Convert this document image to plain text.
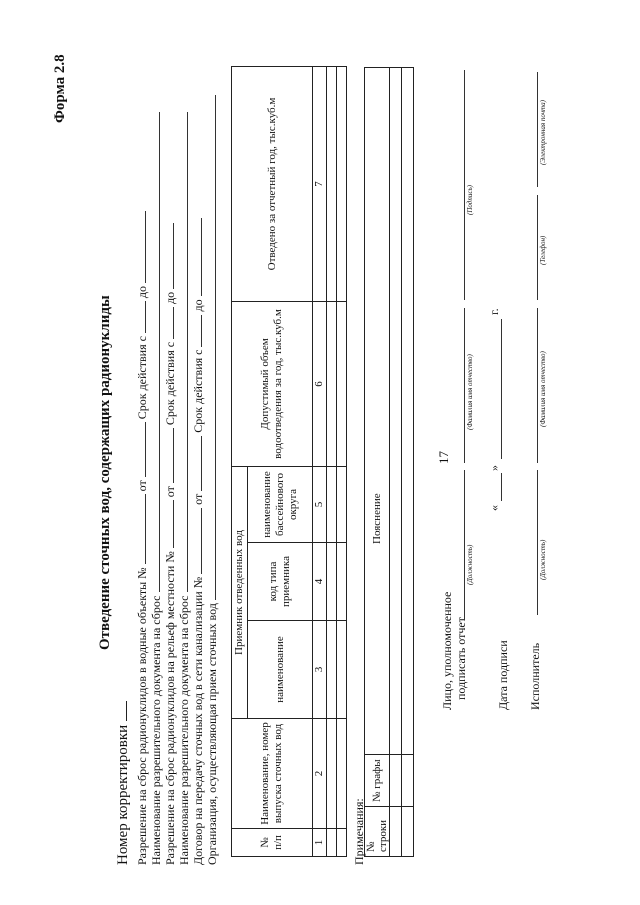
17
Форма 2.8
Отведение сточных вод, содержащих радионуклиды
Номер корректировки Разрешение на сброс радионуклидов в водные объекты №  от  Срок действия с  до
Наименование разрешительного документа на сброс Разрешение на сброс радионуклидов на рельеф местности №  от  Срок действия с  до
Наименование разрешительного документа на сброс Договор на передачу сточных вод в сети канализации №  от  Срок действия с  до
Организация, осуществляющая прием сточных вод	№ п/п	Наименование, номер выпуска сточных вод	Приемник отведенных вод			Допустимый объем водоотведения за год, тыс.куб.м	Отведено за отчетный год, тыс.куб.м
		наименование	код типа приемника	наименование бассейнового округа		
1	2	3	4	5	6	7

Примечания: № строки	№ графы	Пояснение

Лицо, уполномоченное подписать отчет
(Должность)
(Фамилия имя отчество)
(Подпись)
Дата подписи
«
»
г.
Исполнитель
(Должность)
(Фамилия имя отчество)
(Телефон)
(Электронная почта)
